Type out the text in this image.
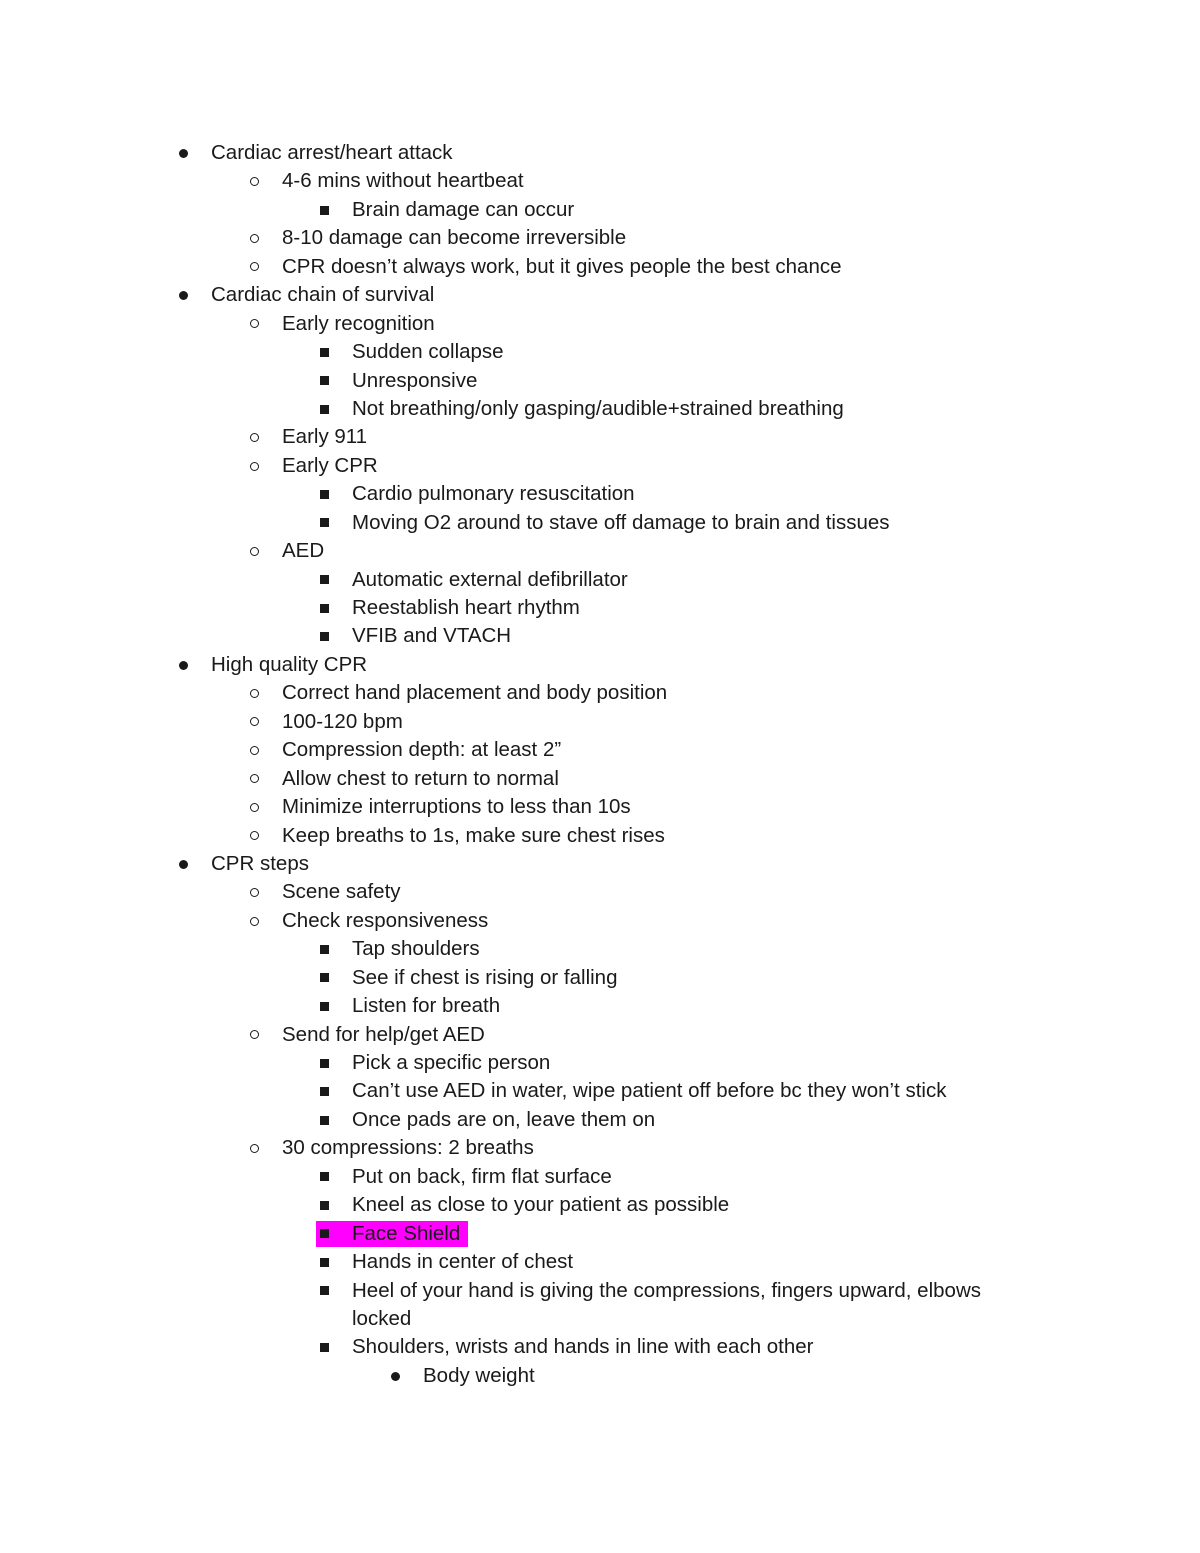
Cardiac arrest/heart attack
4-6 mins without heartbeat
Brain damage can occur
8-10 damage can become irreversible
CPR doesn’t always work, but it gives people the best chance
Cardiac chain of survival
Early recognition
Sudden collapse
Unresponsive
Not breathing/only gasping/audible+strained breathing
Early 911
Early CPR
Cardio pulmonary resuscitation
Moving O2 around to stave off damage to brain and tissues
AED
Automatic external defibrillator
Reestablish heart rhythm
VFIB and VTACH
High quality CPR
Correct hand placement and body position
100-120 bpm
Compression depth: at least 2”
Allow chest to return to normal
Minimize interruptions to less than 10s
Keep breaths to 1s, make sure chest rises
CPR steps
Scene safety
Check responsiveness
Tap shoulders
See if chest is rising or falling
Listen for breath
Send for help/get AED
Pick a specific person
Can’t use AED in water, wipe patient off before bc they won’t stick
Once pads are on, leave them on
30 compressions: 2 breaths
Put on back, firm flat surface
Kneel as close to your patient as possible
Face Shield
Hands in center of chest
Heel of your hand is giving the compressions, fingers upward, elbows locked
Shoulders, wrists and hands in line with each other
Body weight
